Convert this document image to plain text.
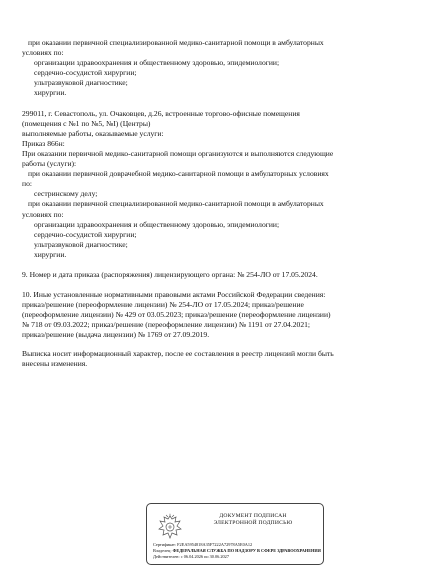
при оказании первичной специализированной медико-санитарной помощи в амбулаторных
условиях по:
организации здравоохранения и общественному здоровью, эпидемиологии;
сердечно-сосудистой хирургии;
ультразвуковой диагностике;
хирургии.
299011, г. Севастополь, ул. Очаковцев, д.26, встроенные торгово-офисные помещения
(помещения с №1 по №5, №I) (Центры)
выполняемые работы, оказываемые услуги:
Приказ 866н:
При оказании первичной медико-санитарной помощи организуются и выполняются следующие
работы (услуги):
при оказании первичной доврачебной медико-санитарной помощи в амбулаторных условиях
по:
сестринскому делу;
при оказании первичной специализированной медико-санитарной помощи в амбулаторных
условиях по:
организации здравоохранения и общественному здоровью, эпидемиологии;
сердечно-сосудистой хирургии;
ультразвуковой диагностике;
хирургии.
9. Номер и дата приказа (распоряжения) лицензирующего органа: № 254-ЛО от 17.05.2024.
10. Иные установленные нормативными правовыми актами Российской Федерации сведения:
приказ/решение (переоформление лицензии) № 254-ЛО от 17.05.2024; приказ/решение
(переоформление лицензии) № 429 от 03.05.2023; приказ/решение (переоформление лицензии)
№ 718 от 09.03.2022; приказ/решение (переоформление лицензии) № 1191 от 27.04.2021;
приказ/решение (выдача лицензии) № 1769 от 27.09.2019.
Выписка носит информационный характер, после ее составления в реестр лицензий могли быть
внесены изменения.
ДОКУМЕНТ ПОДПИСАН
ЭЛЕКТРОННОЙ ПОДПИСЬЮ
Сертификат: F2EA5954818A35F7222A72978A5E0A12
Владелец: ФЕДЕРАЛЬНАЯ СЛУЖБА ПО НАДЗОРУ В СФЕРЕ ЗДРАВООХРАНЕНИЯ
Действителен: с 06.04.2026 по 30.06.2027
